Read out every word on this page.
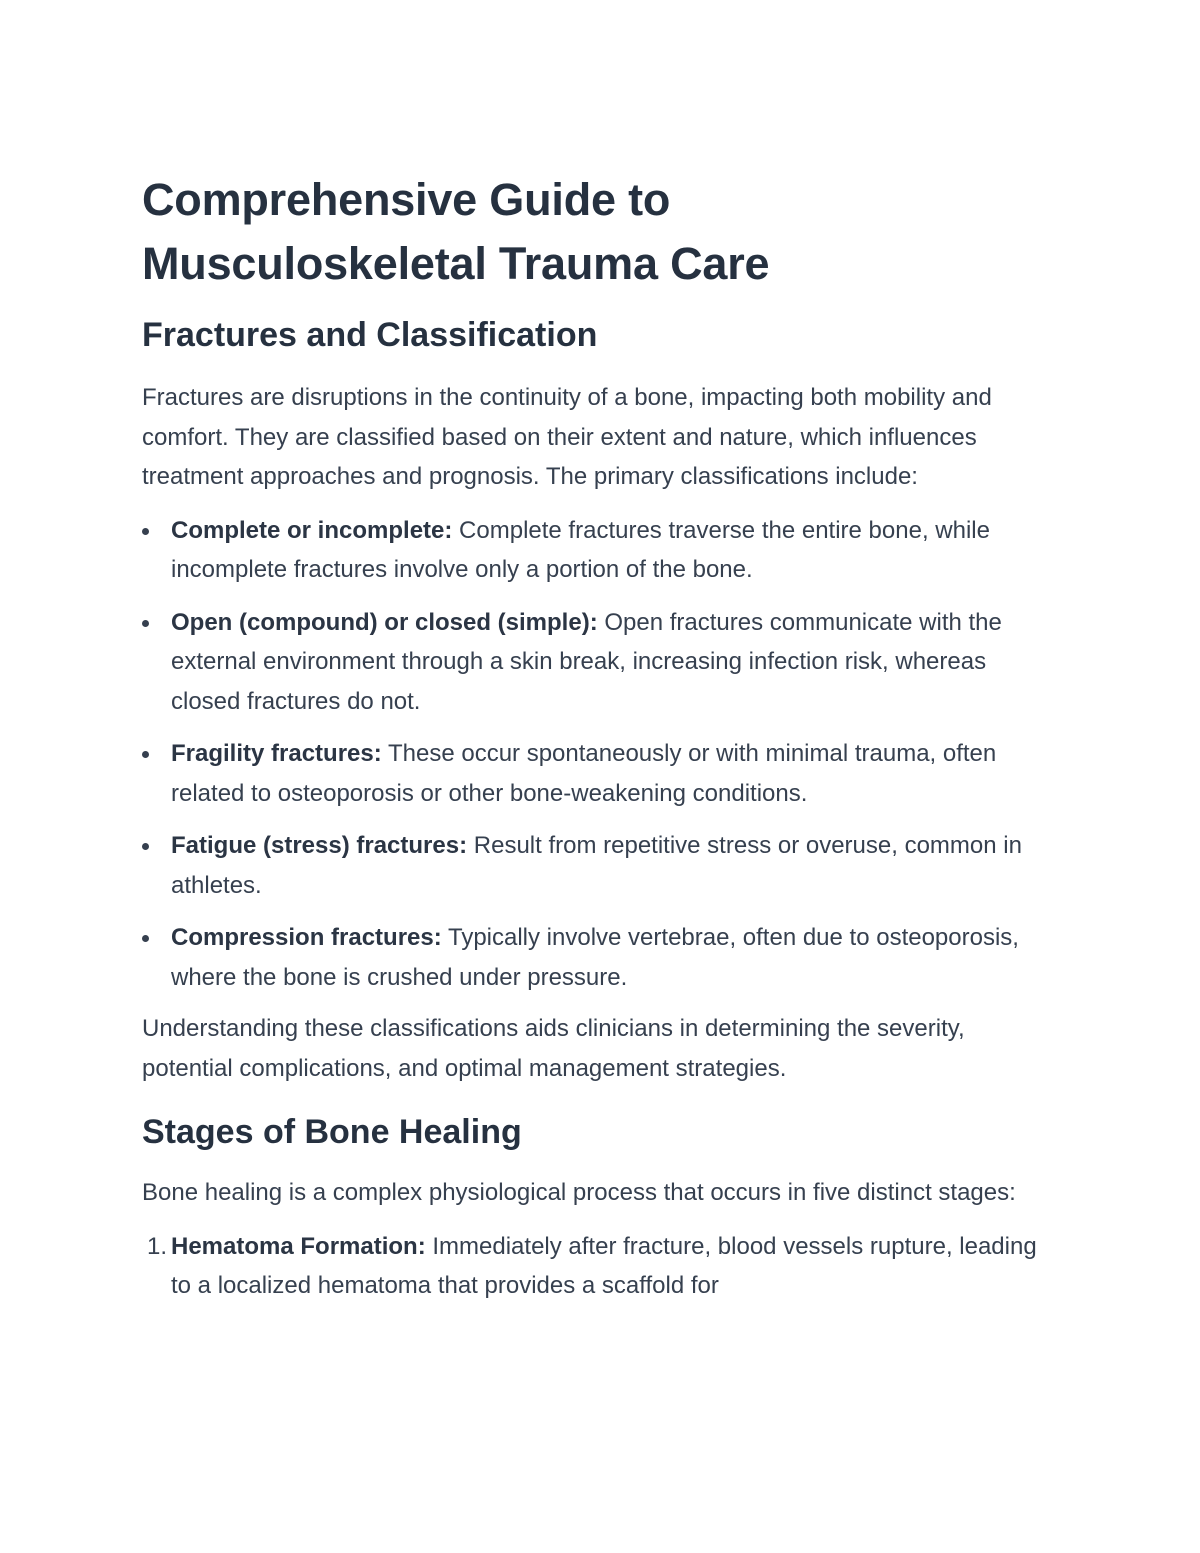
Comprehensive Guide to
Musculoskeletal Trauma Care
Fractures and Classification

Fractures are disruptions in the continuity of a bone, impacting both mobility and comfort. They are classified based on their extent and nature, which influences treatment approaches and prognosis. The primary classifications include:

Complete or incomplete: Complete fractures traverse the entire bone, while incomplete fractures involve only a portion of the bone.
Open (compound) or closed (simple): Open fractures communicate with the external environment through a skin break, increasing infection risk, whereas closed fractures do not.
Fragility fractures: These occur spontaneously or with minimal trauma, often related to osteoporosis or other bone-weakening conditions.
Fatigue (stress) fractures: Result from repetitive stress or overuse, common in athletes.
Compression fractures: Typically involve vertebrae, often due to osteoporosis, where the bone is crushed under pressure.

Understanding these classifications aids clinicians in determining the severity, potential complications, and optimal management strategies.

Stages of Bone Healing

Bone healing is a complex physiological process that occurs in five distinct stages:

1. Hematoma Formation: Immediately after fracture, blood vessels rupture, leading to a localized hematoma that provides a scaffold for
